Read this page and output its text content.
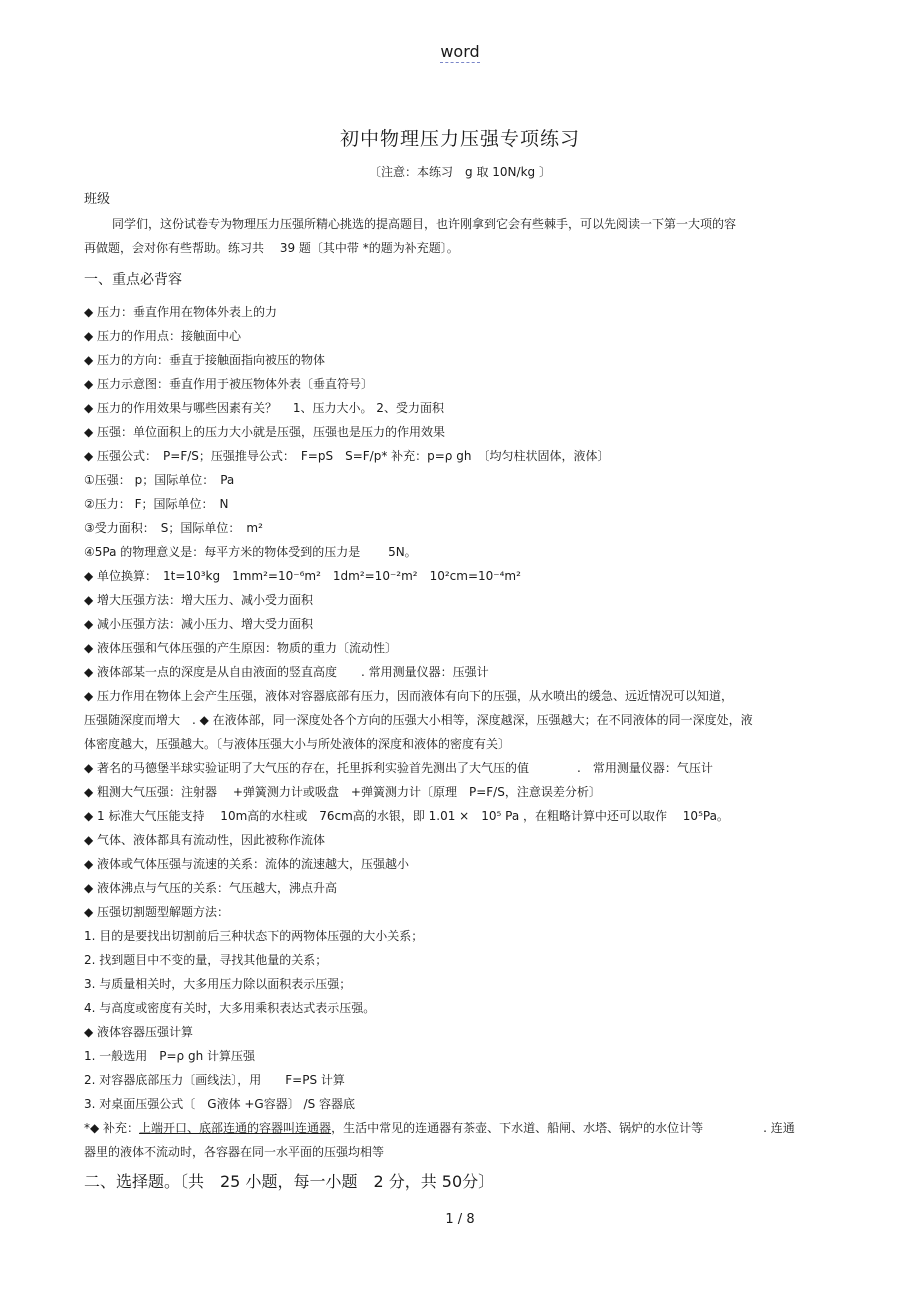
word
初中物理压力压强专项练习
〔注意：本练习　g 取 10N/kg 〕

班级

同学们，这份试卷专为物理压力压强所精心挑选的提高题目，也许刚拿到它会有些棘手，可以先阅读一下第一大项的容

再做题，会对你有些帮助。练习共　 39 题〔其中带 *的题为补充题〕。

一、重点必背容

◆ 压力：垂直作用在物体外表上的力

◆ 压力的作用点：接触面中心

◆ 压力的方向：垂直于接触面指向被压的物体

◆ 压力示意图：垂直作用于被压物体外表〔垂直符号〕

◆ 压力的作用效果与哪些因素有关？　 1、压力大小。 2、受力面积

◆ 压强：单位面积上的压力大小就是压强，压强也是压力的作用效果

◆ 压强公式：　P=F/S；压强推导公式：　F=pS　S=F/p* 补充：p=ρ gh　〔均匀柱状固体，液体〕

①压强： p；国际单位：　Pa

②压力： F；国际单位：　N

③受力面积：　S；国际单位：　m²

④5Pa 的物理意义是：每平方米的物体受到的压力是　　 5N。

◆ 单位换算：　1t=10³kg　1mm²=10⁻⁶m²　1dm²=10⁻²m²　10²cm=10⁻⁴m²

◆ 增大压强方法：增大压力、减小受力面积

◆ 减小压强方法：减小压力、增大受力面积

◆ 液体压强和气体压强的产生原因：物质的重力〔流动性〕

◆ 液体部某一点的深度是从自由液面的竖直高度　　. 常用测量仪器：压强计

◆ 压力作用在物体上会产生压强，液体对容器底部有压力，因而液体有向下的压强，从水喷出的缓急、远近情况可以知道，

压强随深度而增大　. ◆ 在液体部，同一深度处各个方向的压强大小相等，深度越深，压强越大；在不同液体的同一深度处，液

体密度越大，压强越大。〔与液体压强大小与所处液体的深度和液体的密度有关〕

◆ 著名的马德堡半球实验证明了大气压的存在，托里拆利实验首先测出了大气压的值　　　　.　常用测量仪器：气压计

◆ 粗测大气压强：注射器　 +弹簧测力计或吸盘　+弹簧测力计〔原理　P=F/S，注意误差分析〕

◆ 1 标准大气压能支持　 10m高的水柱或　76cm高的水银，即 1.01 ×　10⁵ Pa ，在粗略计算中还可以取作　 10⁵Pa。

◆ 气体、液体都具有流动性，因此被称作流体

◆ 液体或气体压强与流速的关系：流体的流速越大，压强越小

◆ 液体沸点与气压的关系：气压越大，沸点升高

◆ 压强切割题型解题方法：

1. 目的是要找出切割前后三种状态下的两物体压强的大小关系；

2. 找到题目中不变的量，寻找其他量的关系；

3. 与质量相关时，大多用压力除以面积表示压强；

4. 与高度或密度有关时，大多用乘积表达式表示压强。

◆ 液体容器压强计算

1. 一般选用　P=ρ gh 计算压强

2. 对容器底部压力〔画线法〕，用　　F=PS 计算

3. 对桌面压强公式〔　G液体 +G容器〕 /S 容器底

*◆ 补充：上端开口、底部连通的容器叫连通器，生活中常见的连通器有茶壶、下水道、船闸、水塔、锅炉的水位计等　　　　　. 连通

器里的液体不流动时，各容器在同一水平面的压强均相等

二、选择题。〔共　25 小题，每一小题　2 分，共 50分〕

1 / 8
